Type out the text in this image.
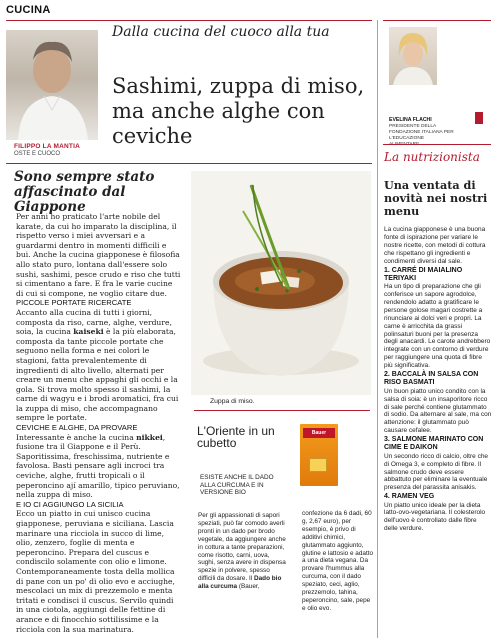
CUCINA
Dalla cucina del cuoco alla tua
FILIPPO LA MANTIA
OSTE E CUOCO
Sashimi, zuppa di miso, ma anche alghe con ceviche
Sono sempre stato affascinato dal Giappone

Per anni ho praticato l'arte nobile del karate, da cui ho imparato la disciplina, il rispetto verso i miei avversari e a guardarmi dentro in momenti difficili e bui. Anche la cucina giapponese è filosofia allo stato puro, lontana dall'essere solo sushi, sashimi, pesce crudo e riso che tutti si cimentano a fare. E fra le varie cucine di cui si compone, ne voglio citare due.

PICCOLE PORTATE RICERCATE

Accanto alla cucina di tutti i giorni, composta da riso, carne, alghe, verdure, soia, la cucina kaiseki è la più elaborata, composta da tante piccole portate che seguono nella forma e nei colori le stagioni, fatta prevalentemente di ingredienti di alto livello, alternati per creare un menu che appaghi gli occhi e la gola. Si trova molto spesso il sashimi, la carne di wagyu e i brodi aromatici, fra cui la zuppa di miso, che accompagnano sempre le portate.

CEVICHE E ALGHE, DA PROVARE

Interessante è anche la cucina nikkei, fusione tra il Giappone e il Perù. Saporitissima, freschissima, nutriente e favolosa. Basti pensare agli incroci tra ceviche, alghe, frutti tropicali o il peperoncino ají amarillo, tipico peruviano, nella zuppa di miso.

E IO CI AGGIUNGO LA SICILIA

Ecco un piatto in cui unisco cucina giapponese, peruviana e siciliana. Lascia marinare una ricciola in succo di lime, olio, zenzero, foglie di menta e peperoncino. Prepara del cuscus e condiscilo solamente con olio e limone. Contemporaneamente tosta della mollica di pane con un po' di olio evo e acciughe, mescolaci un mix di prezzemolo e menta tritati e condisci il cuscus. Servilo quindi in una ciotola, aggiungi delle fettine di arance e di finocchio sottilissime e la ricciola con la sua marinatura.

Zuppa di miso.
L'Oriente in un cubetto
ESISTE ANCHE IL DADO ALLA CURCUMA E IN VERSIONE BIO
Bauer
Per gli appassionati di sapori speziati, può far comodo averli pronti in un dado per brodo vegetale, da aggiungere anche in cottura a tante preparazioni, come risotto, carni, uova, sughi, senza avere in dispensa spezie in polvere, spesso difficili da dosare. Il Dado bio alla curcuma (Bauer,
confezione da 6 dadi, 60 g, 2,67 euro), per esempio, è privo di additivi chimici, glutammato aggiunto, glutine e lattosio e adatto a una dieta vegana. Da provare l'hummus alla curcuma, con il dado speziato, ceci, aglio, prezzemolo, tahina, peperoncino, sale, pepe e olio evo.
EVELINA FLACHI
PRESIDENTE DELLA FONDAZIONE ITALIANA PER L'EDUCAZIONE
La nutrizionista
Una ventata di novità nei nostri menu

La cucina giapponese è una buona fonte di ispirazione per variare le nostre ricette, con metodi di cottura che rispettano gli ingredienti e condimenti diversi dal sale.

1. CARRÉ DI MAIALINO TERIYAKI

Ha un tipo di preparazione che gli conferisce un sapore agrodolce, rendendolo adatto a gratificare le persone golose magari costrette a rinunciare ai dolci veri e propri. La carne è arricchita da grassi polinsaturi buoni per la presenza degli anacardi. Le carote andrebbero integrate con un contorno di verdure per raggiungere una quota di fibre più significativa.

2. BACCALÀ IN SALSA CON RISO BASMATI

Un buon piatto unico condito con la salsa di soia: è un insaporitore ricco di sale perché contiene glutammato di sodio. Da alternare al sale, ma con attenzione: il glutammato può causare cefalee.

3. SALMONE MARINATO CON CIME E DAIKON

Un secondo ricco di calcio, oltre che di Omega 3, e completo di fibre. Il salmone crudo deve essere abbattuto per eliminare la eventuale presenza del parassita anisakis.

4. RAMEN VEG

Un piatto unico ideale per la dieta latto-ovo-vegetariana. Il colesterolo dell'uovo è controllato dalle fibre delle verdure.
